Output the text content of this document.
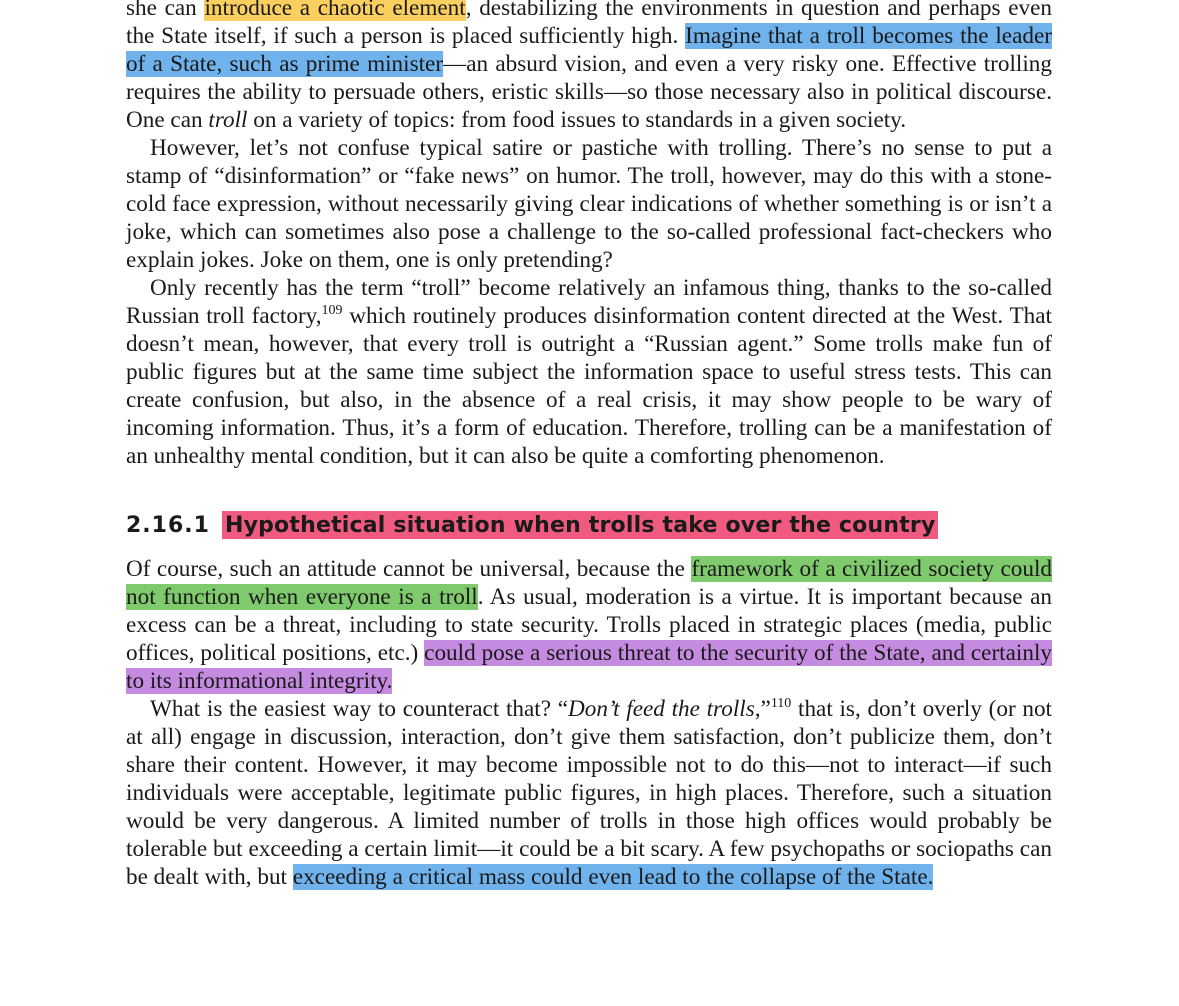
she can introduce a chaotic element, destabilizing the environments in question and perhaps even the State itself, if such a person is placed sufficiently high. Imagine that a troll becomes the leader of a State, such as prime minister—an absurd vision, and even a very risky one. Effective trolling requires the ability to persuade others, eristic skills—so those necessary also in political discourse. One can troll on a variety of topics: from food issues to standards in a given society.

However, let’s not confuse typical satire or pastiche with trolling. There’s no sense to put a stamp of “disinformation” or “fake news” on humor. The troll, however, may do this with a stone-cold face expression, without necessarily giving clear indications of whether something is or isn’t a joke, which can sometimes also pose a challenge to the so-called professional fact-checkers who explain jokes. Joke on them, one is only pretending?

Only recently has the term “troll” become relatively an infamous thing, thanks to the so-called Russian troll factory,$^{109}$ which routinely produces disinformation content directed at the West. That doesn’t mean, however, that every troll is outright a “Russian agent.” Some trolls make fun of public figures but at the same time subject the information space to useful stress tests. This can create confusion, but also, in the absence of a real crisis, it may show people to be wary of incoming information. Thus, it’s a form of education. Therefore, trolling can be a manifestation of an unhealthy mental condition, but it can also be quite a comforting phenomenon.

2.16.1 Hypothetical situation when trolls take over the country

Of course, such an attitude cannot be universal, because the framework of a civilized society could not function when everyone is a troll. As usual, moderation is a virtue. It is important because an excess can be a threat, including to state security. Trolls placed in strategic places (media, public offices, political positions, etc.) could pose a serious threat to the security of the State, and certainly to its informational integrity.

What is the easiest way to counteract that? “Don’t feed the trolls,”$^{110}$ that is, don’t overly (or not at all) engage in discussion, interaction, don’t give them satisfaction, don’t publicize them, don’t share their content. However, it may become impossible not to do this—not to interact—if such individuals were acceptable, legitimate public figures, in high places. Therefore, such a situation would be very dangerous. A limited number of trolls in those high offices would probably be tolerable but exceeding a certain limit—it could be a bit scary. A few psychopaths or sociopaths can be dealt with, but exceeding a critical mass could even lead to the collapse of the State.
